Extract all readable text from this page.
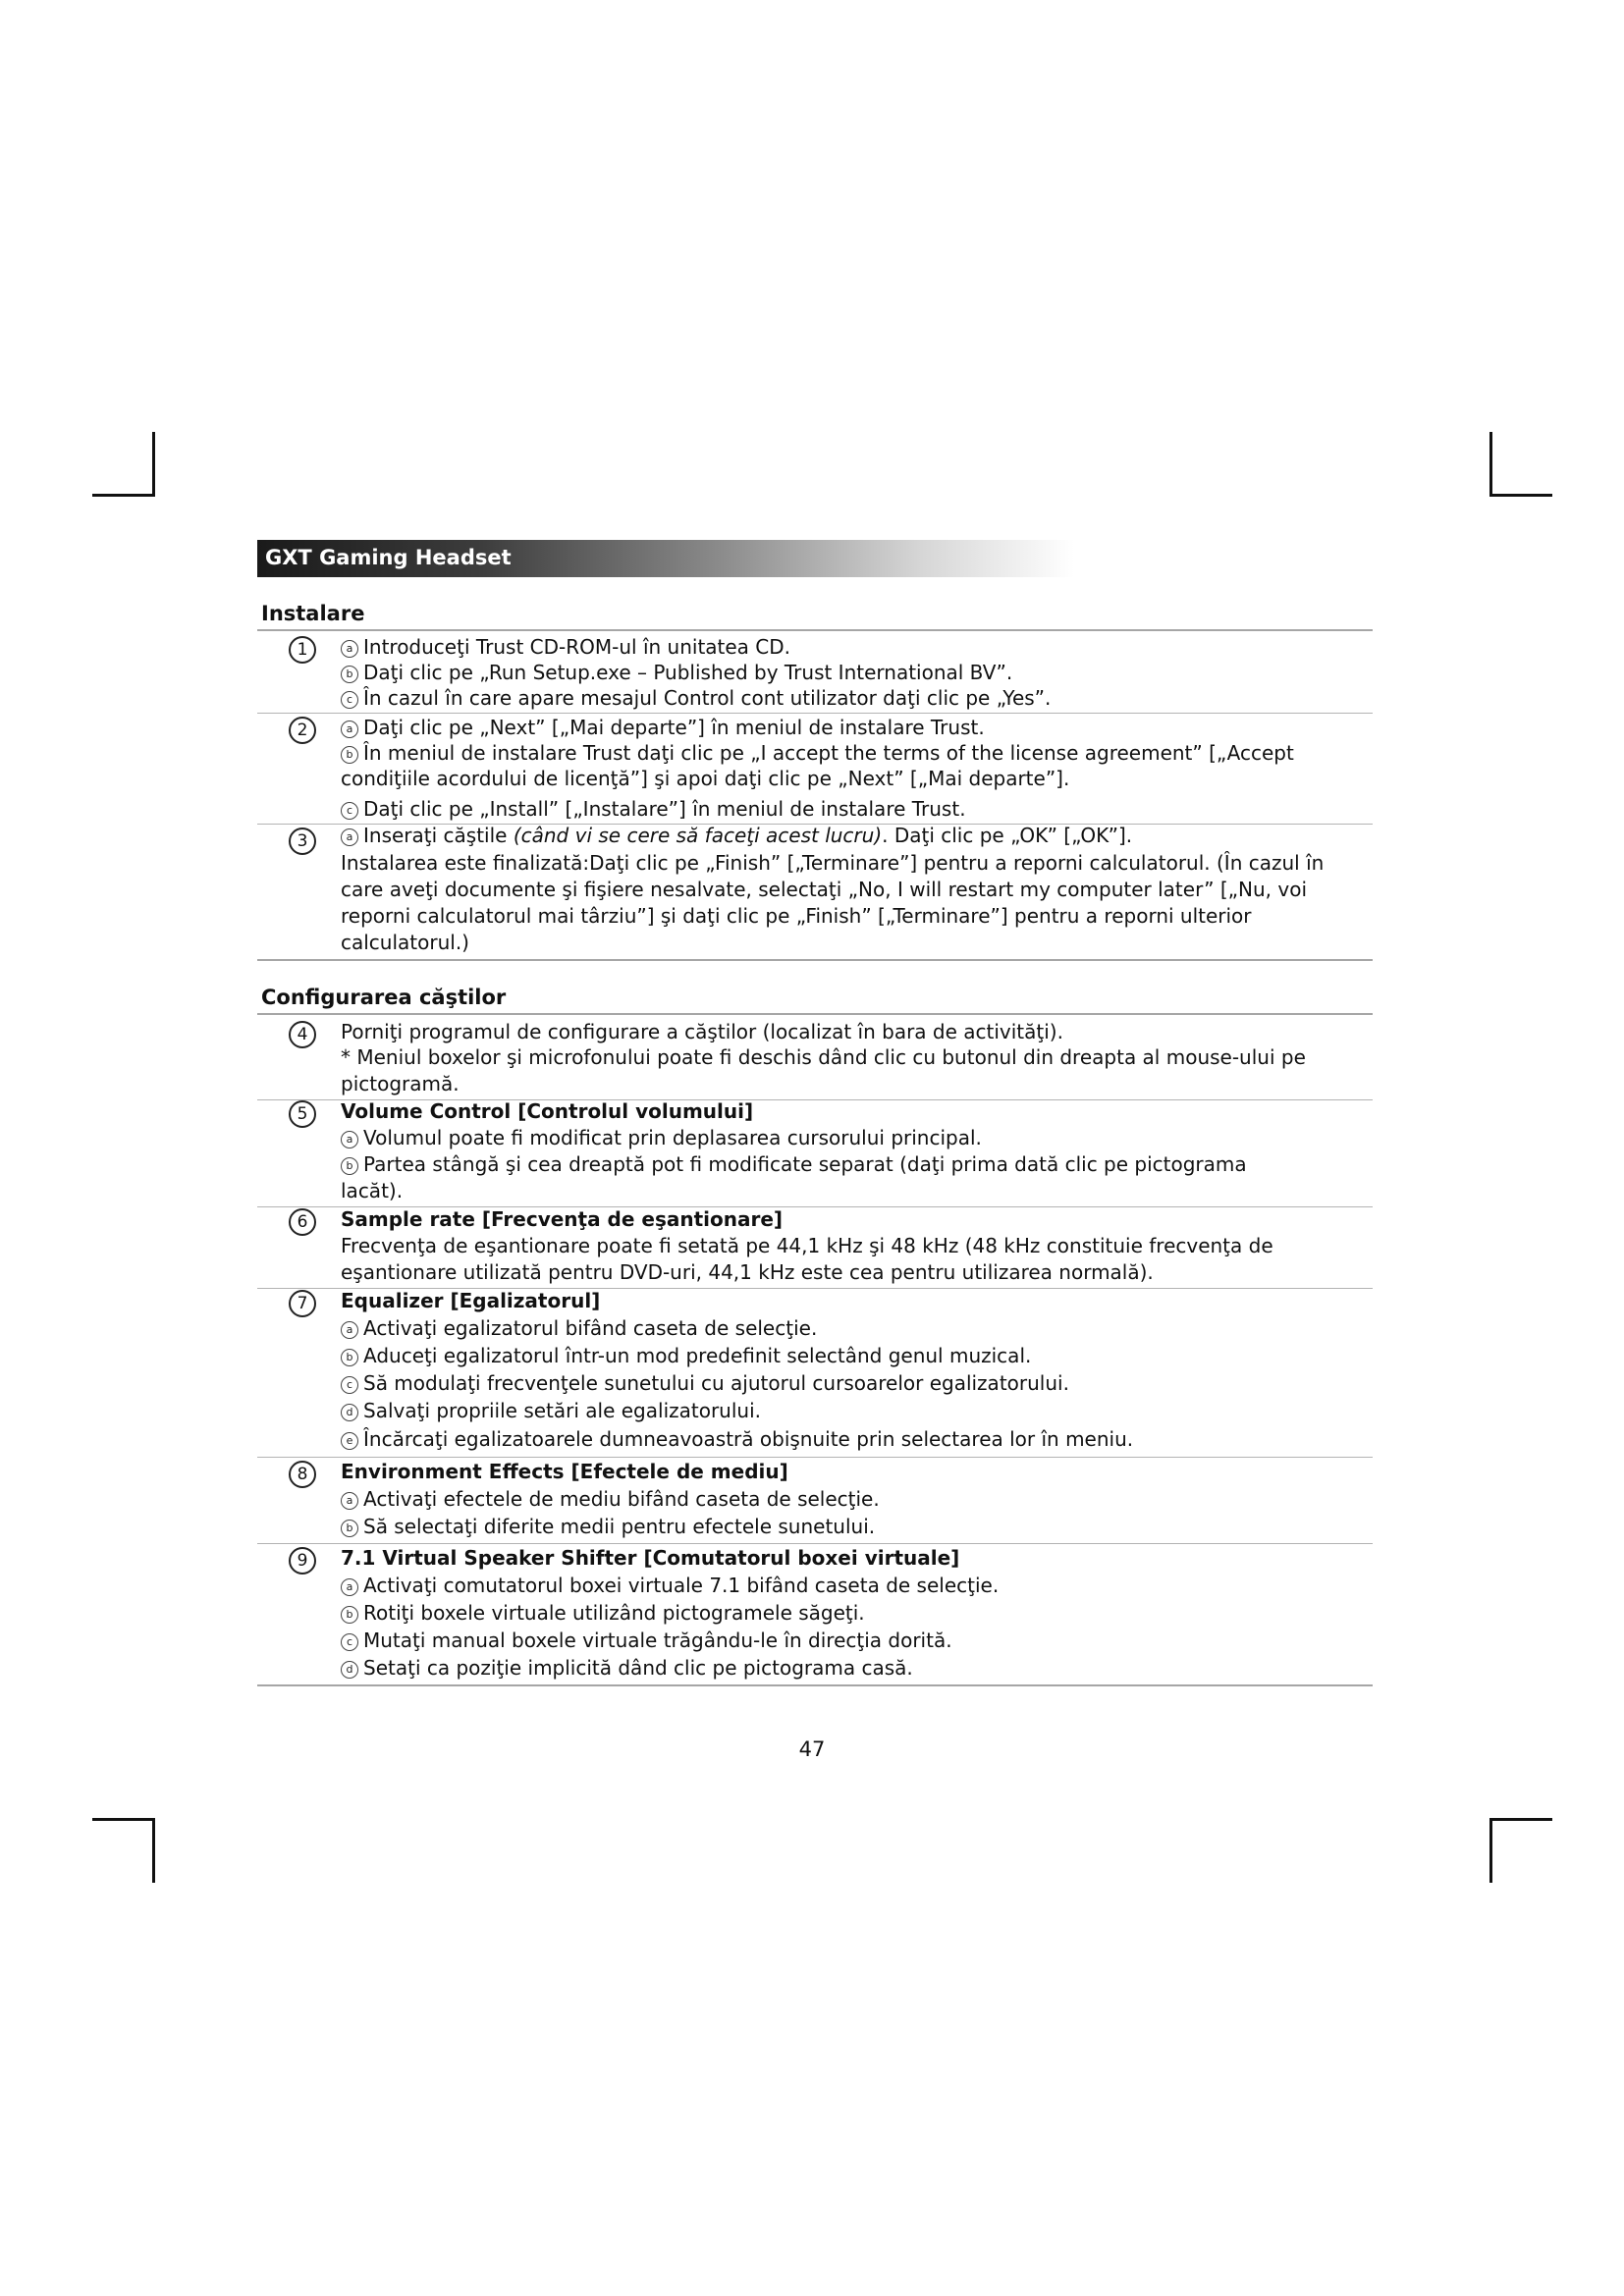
GXT Gaming Headset
Instalare
1	a Introduceţi Trust CD-ROM-ul în unitatea CD.
b Daţi clic pe „Run Setup.exe – Published by Trust International BV”.
c În cazul în care apare mesajul Control cont utilizator daţi clic pe „Yes”.
2	a Daţi clic pe „Next” [„Mai departe”] în meniul de instalare Trust.
b În meniul de instalare Trust daţi clic pe „I accept the terms of the license agreement” [„Accept
condiţiile acordului de licenţă”] şi apoi daţi clic pe „Next” [„Mai departe”].
c Daţi clic pe „Install” [„Instalare”] în meniul de instalare Trust.
3	a Inseraţi căştile (când vi se cere să faceţi acest lucru). Daţi clic pe „OK” [„OK”].
Instalarea este finalizată:Daţi clic pe „Finish” [„Terminare”] pentru a reporni calculatorul. (În cazul în
care aveţi documente şi fişiere nesalvate, selectaţi „No, I will restart my computer later” [„Nu, voi
reporni calculatorul mai târziu”] şi daţi clic pe „Finish” [„Terminare”] pentru a reporni ulterior
calculatorul.)
Configurarea căştilor
4	Porniţi programul de configurare a căştilor (localizat în bara de activităţi).
* Meniul boxelor şi microfonului poate fi deschis dând clic cu butonul din dreapta al mouse-ului pe
pictogramă.
5	Volume Control [Controlul volumului]
a Volumul poate fi modificat prin deplasarea cursorului principal.
b Partea stângă şi cea dreaptă pot fi modificate separat (daţi prima dată clic pe pictograma
lacăt).
6	Sample rate [Frecvenţa de eşantionare]
Frecvenţa de eşantionare poate fi setată pe 44,1 kHz şi 48 kHz (48 kHz constituie frecvenţa de
eşantionare utilizată pentru DVD-uri, 44,1 kHz este cea pentru utilizarea normală).
7	Equalizer [Egalizatorul]
a Activaţi egalizatorul bifând caseta de selecţie.
b Aduceţi egalizatorul într-un mod predefinit selectând genul muzical.
c Să modulaţi frecvenţele sunetului cu ajutorul cursoarelor egalizatorului.
d Salvaţi propriile setări ale egalizatorului.
e Încărcaţi egalizatoarele dumneavoastră obişnuite prin selectarea lor în meniu.
8	Environment Effects [Efectele de mediu]
a Activaţi efectele de mediu bifând caseta de selecţie.
b Să selectaţi diferite medii pentru efectele sunetului.
9	7.1 Virtual Speaker Shifter [Comutatorul boxei virtuale]
a Activaţi comutatorul boxei virtuale 7.1 bifând caseta de selecţie.
b Rotiţi boxele virtuale utilizând pictogramele săgeţi.
c Mutaţi manual boxele virtuale trăgându-le în direcţia dorită.
d Setaţi ca poziţie implicită dând clic pe pictograma casă.
47
